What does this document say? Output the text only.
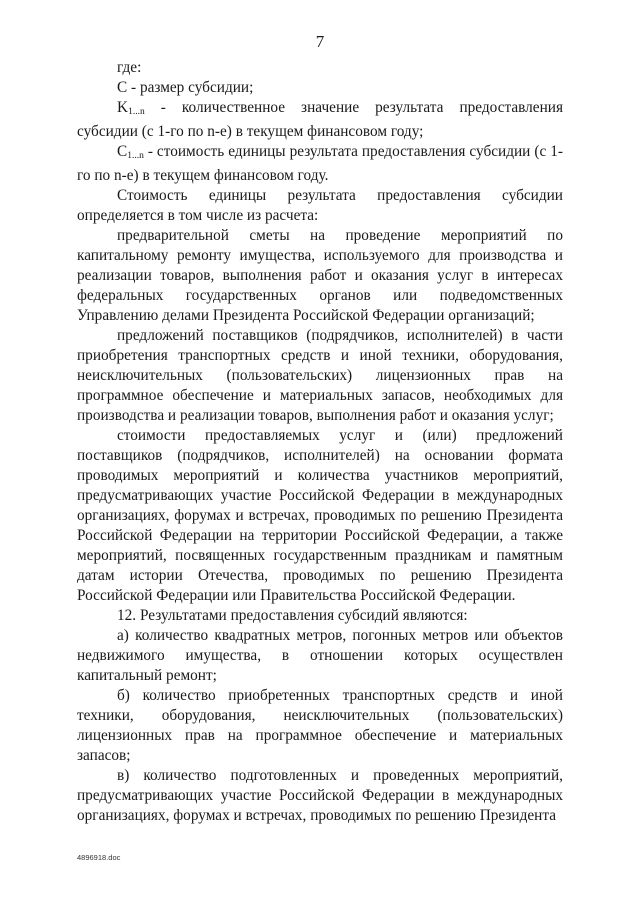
7

где:

С - размер субсидии;

$K_{1...n}$ - количественное значение результата предоставления субсидии (с 1-го по n-е) в текущем финансовом году;

$C_{1...n}$ - стоимость единицы результата предоставления субсидии (с 1-го по n-е) в текущем финансовом году.

Стоимость единицы результата предоставления субсидии определяется в том числе из расчета:

предварительной сметы на проведение мероприятий по капитальному ремонту имущества, используемого для производства и реализации товаров, выполнения работ и оказания услуг в интересах федеральных государственных органов или подведомственных Управлению делами Президента Российской Федерации организаций;

предложений поставщиков (подрядчиков, исполнителей) в части приобретения транспортных средств и иной техники, оборудования, неисключительных (пользовательских) лицензионных прав на программное обеспечение и материальных запасов, необходимых для производства и реализации товаров, выполнения работ и оказания услуг;

стоимости предоставляемых услуг и (или) предложений поставщиков (подрядчиков, исполнителей) на основании формата проводимых мероприятий и количества участников мероприятий, предусматривающих участие Российской Федерации в международных организациях, форумах и встречах, проводимых по решению Президента Российской Федерации на территории Российской Федерации, а также мероприятий, посвященных государственным праздникам и памятным датам истории Отечества, проводимых по решению Президента Российской Федерации или Правительства Российской Федерации.

12. Результатами предоставления субсидий являются:

а) количество квадратных метров, погонных метров или объектов недвижимого имущества, в отношении которых осуществлен капитальный ремонт;

б) количество приобретенных транспортных средств и иной техники, оборудования, неисключительных (пользовательских) лицензионных прав на программное обеспечение и материальных запасов;

в) количество подготовленных и проведенных мероприятий, предусматривающих участие Российской Федерации в международных организациях, форумах и встречах, проводимых по решению Президента

4896918.doc
